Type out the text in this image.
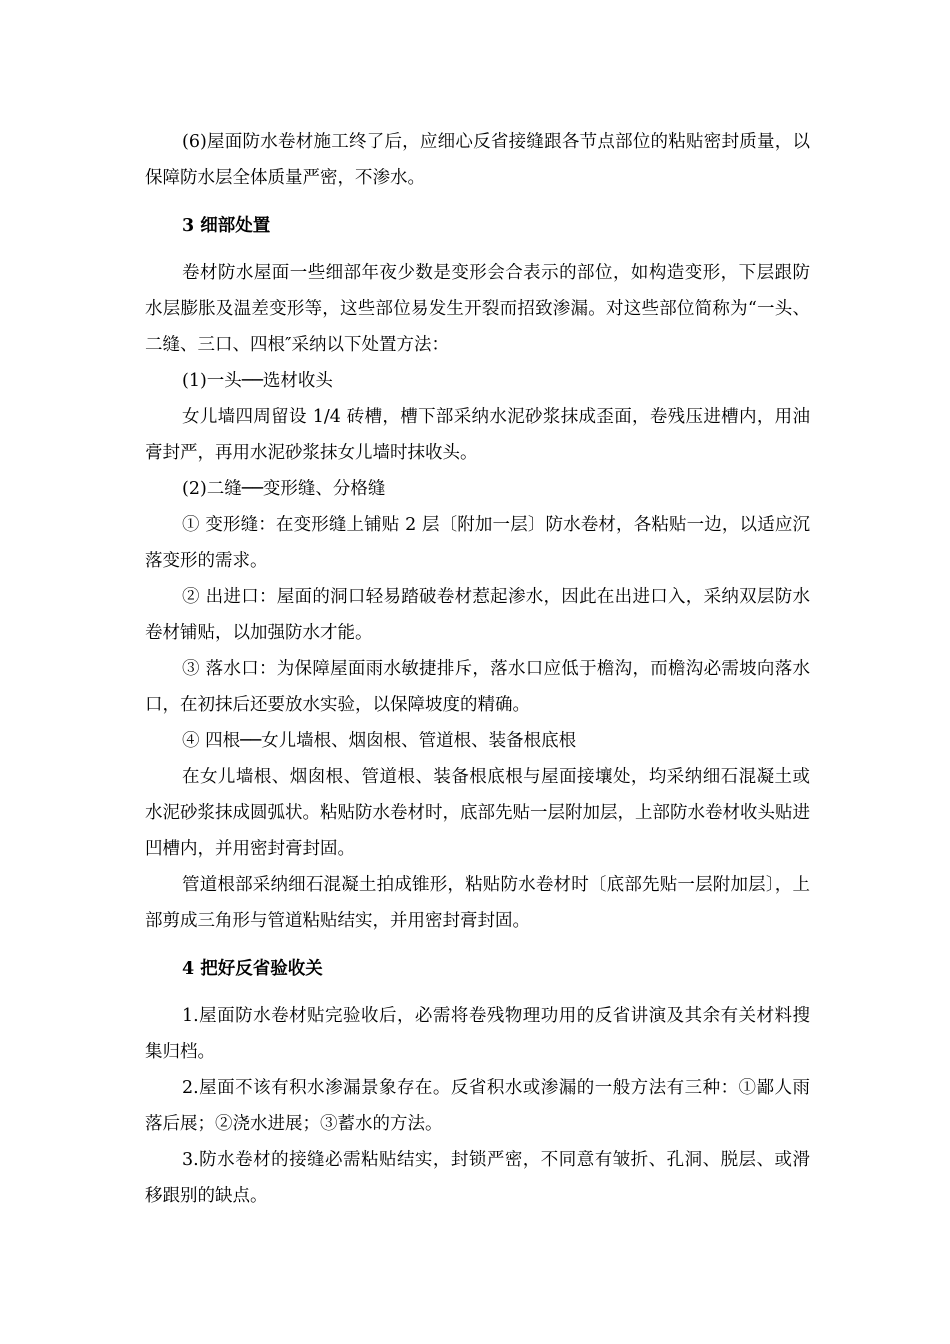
(6)屋面防水卷材施工终了后，应细心反省接缝跟各节点部位的粘贴密封质量，以保障防水层全体质量严密，不渗水。

3 细部处置

卷材防水屋面一些细部年夜少数是变形会合表示的部位，如构造变形，下层跟防水层膨胀及温差变形等，这些部位易发生开裂而招致渗漏。对这些部位简称为“一头、二缝、三口、四根″采纳以下处置方法：

(1)一头──选材收头

女儿墙四周留设 1/4 砖槽，槽下部采纳水泥砂浆抹成歪面，卷残压进槽内，用油膏封严，再用水泥砂浆抹女儿墙时抹收头。

(2)二缝──变形缝、分格缝

① 变形缝：在变形缝上铺贴 2 层〔附加一层〕防水卷材，各粘贴一边，以适应沉落变形的需求。

② 出进口：屋面的洞口轻易踏破卷材惹起渗水，因此在出进口入，采纳双层防水卷材铺贴，以加强防水才能。

③ 落水口：为保障屋面雨水敏捷排斥，落水口应低于檐沟，而檐沟必需坡向落水口，在初抹后还要放水实验，以保障坡度的精确。

④ 四根──女儿墙根、烟囱根、管道根、装备根底根

在女儿墙根、烟囱根、管道根、装备根底根与屋面接壤处，均采纳细石混凝土或水泥砂浆抹成圆弧状。粘贴防水卷材时，底部先贴一层附加层，上部防水卷材收头贴进凹槽内，并用密封膏封固。

管道根部采纳细石混凝土拍成锥形，粘贴防水卷材时〔底部先贴一层附加层〕，上部剪成三角形与管道粘贴结实，并用密封膏封固。

4 把好反省验收关

1.屋面防水卷材贴完验收后，必需将卷残物理功用的反省讲演及其余有关材料搜集归档。

2.屋面不该有积水渗漏景象存在。反省积水或渗漏的一般方法有三种：①鄙人雨落后展；②浇水进展；③蓄水的方法。

3.防水卷材的接缝必需粘贴结实，封锁严密，不同意有皱折、孔洞、脱层、或滑移跟别的缺点。
